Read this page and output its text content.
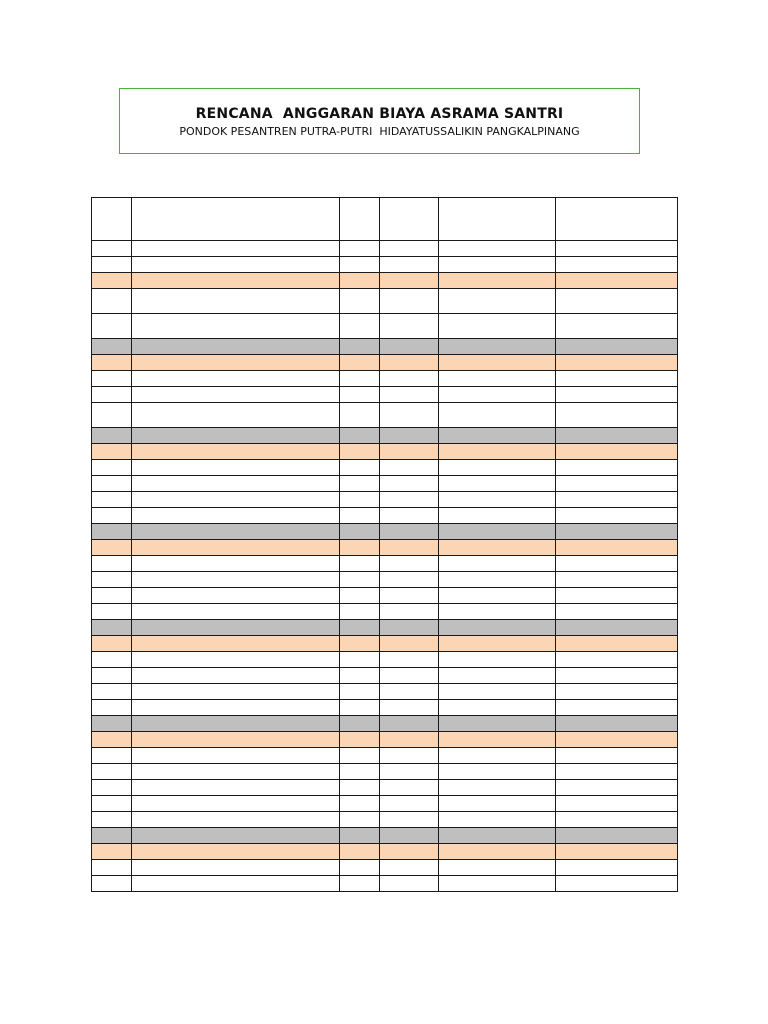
RENCANA  ANGGARAN BIAYA ASRAMA SANTRI
PONDOK PESANTREN PUTRA-PUTRI  HIDAYATUSSALIKIN PANGKALPINANG
